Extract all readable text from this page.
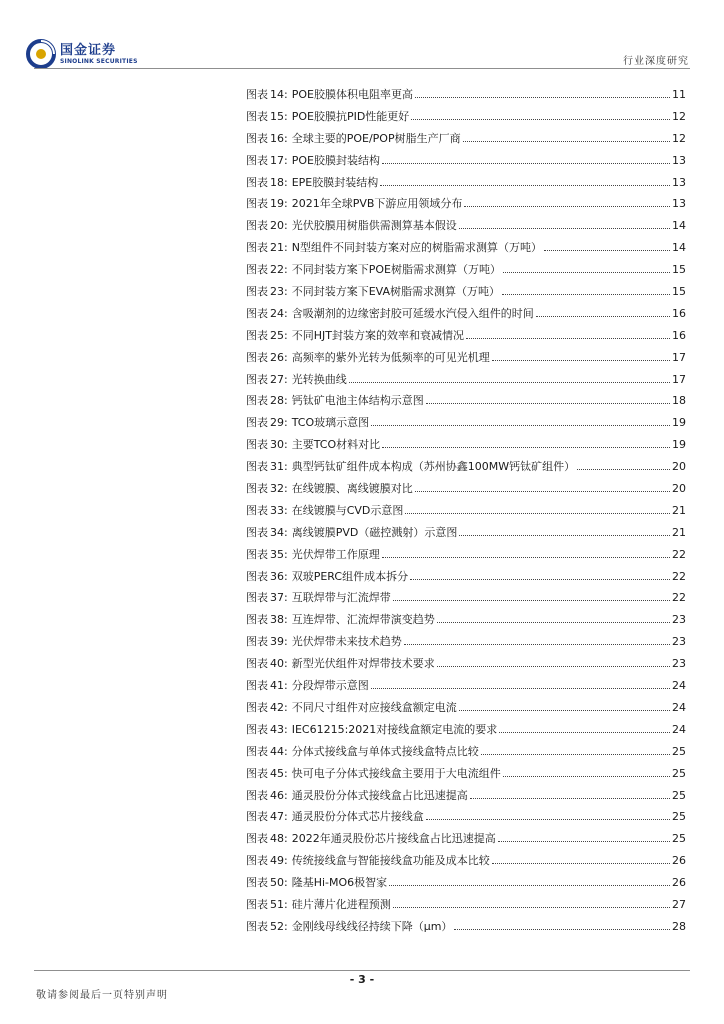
国金证券
SINOLINK SECURITIES	行业深度研究
图表 14 : POE胶膜体积电阻率更高	11
图表 15 : POE胶膜抗PID性能更好	12
图表 16 : 全球主要的POE/POP树脂生产厂商	12
图表 17 : POE胶膜封装结构	13
图表 18 : EPE胶膜封装结构	13
图表 19 : 2021年全球PVB下游应用领域分布	13
图表 20 : 光伏胶膜用树脂供需测算基本假设	14
图表 21 : N型组件不同封装方案对应的树脂需求测算（万吨）	14
图表 22 : 不同封装方案下POE树脂需求测算（万吨）	15
图表 23 : 不同封装方案下EVA树脂需求测算（万吨）	15
图表 24 : 含吸潮剂的边缘密封胶可延缓水汽侵入组件的时间	16
图表 25 : 不同HJT封装方案的效率和衰减情况	16
图表 26 : 高频率的紫外光转为低频率的可见光机理	17
图表 27 : 光转换曲线	17
图表 28 : 钙钛矿电池主体结构示意图	18
图表 29 : TCO玻璃示意图	19
图表 30 : 主要TCO材料对比	19
图表 31 : 典型钙钛矿组件成本构成（苏州协鑫100MW钙钛矿组件）	20
图表 32 : 在线镀膜、离线镀膜对比	20
图表 33 : 在线镀膜与CVD示意图	21
图表 34 : 离线镀膜PVD（磁控溅射）示意图	21
图表 35 : 光伏焊带工作原理	22
图表 36 : 双玻PERC组件成本拆分	22
图表 37 : 互联焊带与汇流焊带	22
图表 38 : 互连焊带、汇流焊带演变趋势	23
图表 39 : 光伏焊带未来技术趋势	23
图表 40 : 新型光伏组件对焊带技术要求	23
图表 41 : 分段焊带示意图	24
图表 42 : 不同尺寸组件对应接线盒额定电流	24
图表 43 : IEC61215:2021对接线盒额定电流的要求	24
图表 44 : 分体式接线盒与单体式接线盒特点比较	25
图表 45 : 快可电子分体式接线盒主要用于大电流组件	25
图表 46 : 通灵股份分体式接线盒占比迅速提高	25
图表 47 : 通灵股份分体式芯片接线盒	25
图表 48 : 2022年通灵股份芯片接线盒占比迅速提高	25
图表 49 : 传统接线盒与智能接线盒功能及成本比较	26
图表 50 : 隆基Hi-MO6极智家	26
图表 51 : 硅片薄片化进程预测	27
图表 52 : 金刚线母线线径持续下降（μm）	28
- 3 -
敬请参阅最后一页特别声明
